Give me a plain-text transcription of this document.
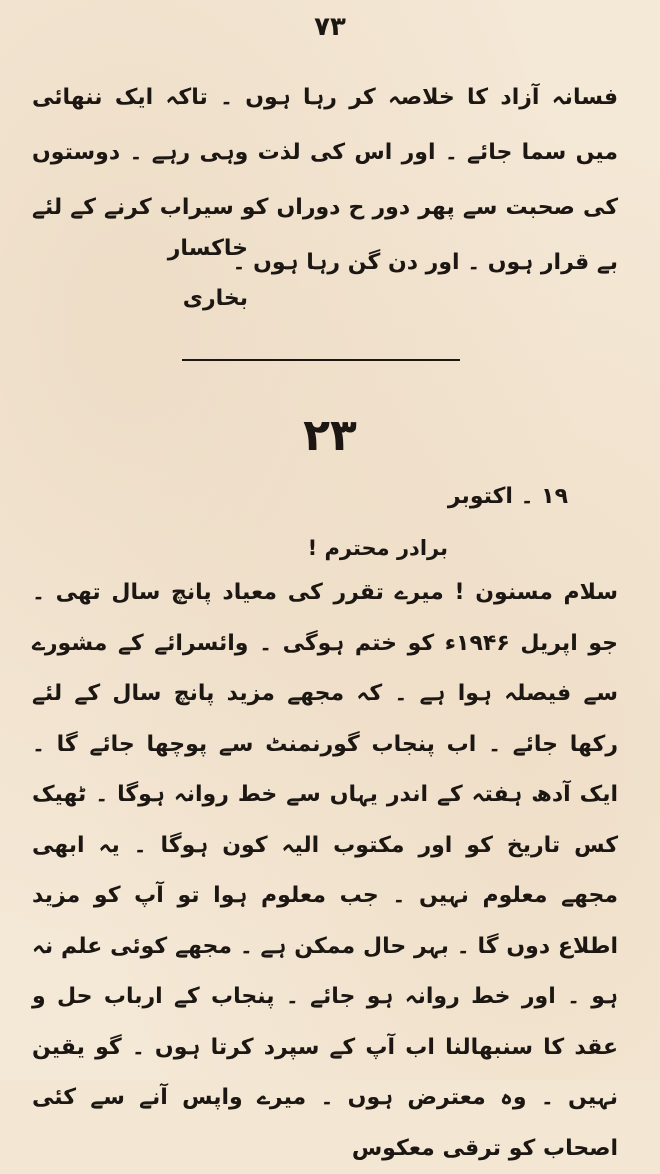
۷۳
فسانہ آزاد کا خلاصہ کر رہا ہوں ۔ تاکہ ایک ننھائی میں سما جائے ۔ اور اس کی لذت وہی رہے ۔ دوستوں کی صحبت سے پھر دور ح دوراں کو سیراب کرنے کے لئے بے قرار ہوں ۔ اور دن گن رہا ہوں ۔
خاکسار
بخاری
۲۳
۱۹ ۔ اکتوبر
برادر محترم !
سلام مسنون ! میرے تقرر کی معیاد پانچ سال تھی ۔ جو اپریل ۱۹۴۶ء کو ختم ہوگی ۔ وائسرائے کے مشورے سے فیصلہ ہوا ہے ۔ کہ مجھے مزید پانچ سال کے لئے رکھا جائے ۔ اب پنجاب گورنمنٹ سے پوچھا جائے گا ۔ ایک آدھ ہفتہ کے اندر یہاں سے خط روانہ ہوگا ۔ ٹھیک کس تاریخ کو اور مکتوب الیہ کون ہوگا ۔ یہ ابھی مجھے معلوم نہیں ۔ جب معلوم ہوا تو آپ کو مزید اطلاع دوں گا ۔ بہر حال ممکن ہے ۔ مجھے کوئی علم نہ ہو ۔ اور خط روانہ ہو جائے ۔ پنجاب کے ارباب حل و عقد کا سنبھالنا اب آپ کے سپرد کرتا ہوں ۔ گو یقین نہیں ۔ وہ معترض ہوں ۔ میرے واپس آنے سے کئی اصحاب کو ترقی معکوس
